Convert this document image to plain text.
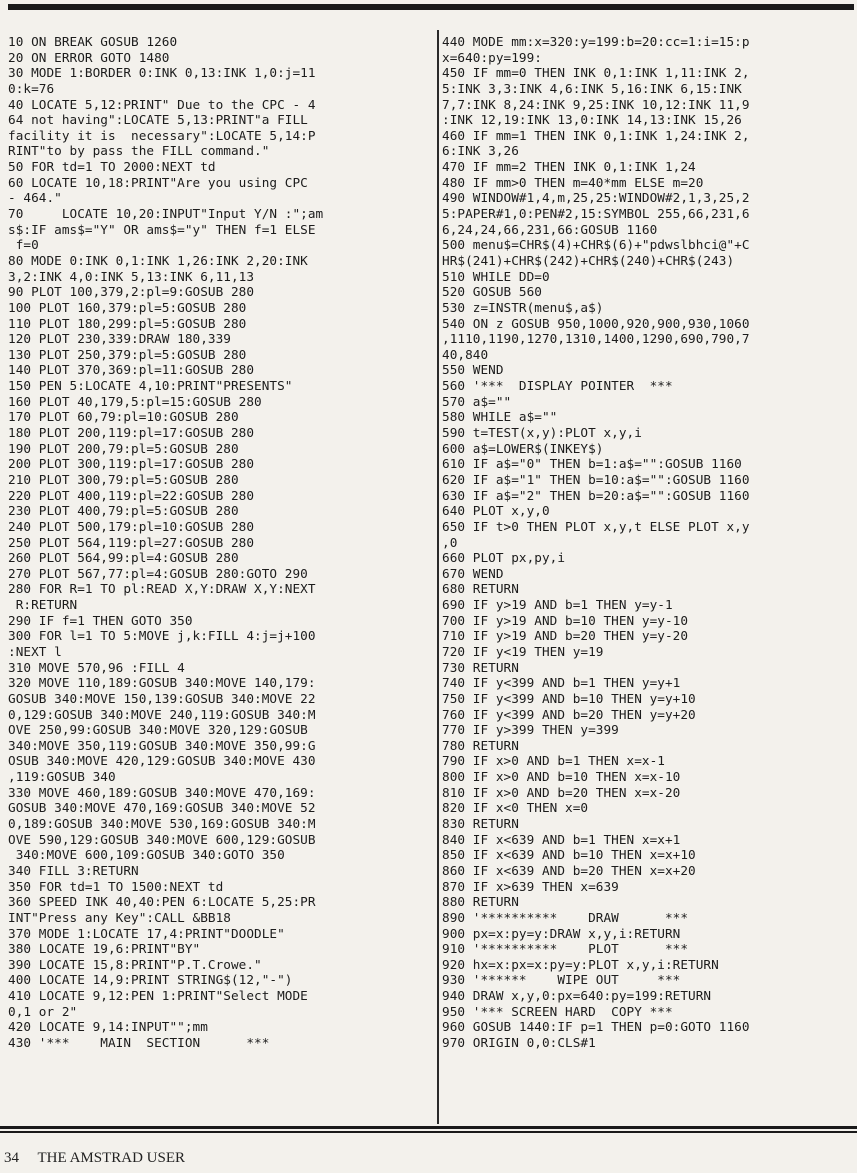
10 ON BREAK GOSUB 1260
20 ON ERROR GOTO 1480
30 MODE 1:BORDER 0:INK 0,13:INK 1,0:j=11
0:k=76
40 LOCATE 5,12:PRINT" Due to the CPC - 4
64 not having":LOCATE 5,13:PRINT"a FILL
facility it is  necessary":LOCATE 5,14:P
RINT"to by pass the FILL command."
50 FOR td=1 TO 2000:NEXT td
60 LOCATE 10,18:PRINT"Are you using CPC
- 464."
70     LOCATE 10,20:INPUT"Input Y/N :";am
s$:IF ams$="Y" OR ams$="y" THEN f=1 ELSE
f=0
80 MODE 0:INK 0,1:INK 1,26:INK 2,20:INK
3,2:INK 4,0:INK 5,13:INK 6,11,13
90 PLOT 100,379,2:pl=9:GOSUB 280
100 PLOT 160,379:pl=5:GOSUB 280
110 PLOT 180,299:pl=5:GOSUB 280
120 PLOT 230,339:DRAW 180,339
130 PLOT 250,379:pl=5:GOSUB 280
140 PLOT 370,369:pl=11:GOSUB 280
150 PEN 5:LOCATE 4,10:PRINT"PRESENTS"
160 PLOT 40,179,5:pl=15:GOSUB 280
170 PLOT 60,79:pl=10:GOSUB 280
180 PLOT 200,119:pl=17:GOSUB 280
190 PLOT 200,79:pl=5:GOSUB 280
200 PLOT 300,119:pl=17:GOSUB 280
210 PLOT 300,79:pl=5:GOSUB 280
220 PLOT 400,119:pl=22:GOSUB 280
230 PLOT 400,79:pl=5:GOSUB 280
240 PLOT 500,179:pl=10:GOSUB 280
250 PLOT 564,119:pl=27:GOSUB 280
260 PLOT 564,99:pl=4:GOSUB 280
270 PLOT 567,77:pl=4:GOSUB 280:GOTO 290
280 FOR R=1 TO pl:READ X,Y:DRAW X,Y:NEXT
R:RETURN
290 IF f=1 THEN GOTO 350
300 FOR l=1 TO 5:MOVE j,k:FILL 4:j=j+100
:NEXT l
310 MOVE 570,96 :FILL 4
320 MOVE 110,189:GOSUB 340:MOVE 140,179:
GOSUB 340:MOVE 150,139:GOSUB 340:MOVE 22
0,129:GOSUB 340:MOVE 240,119:GOSUB 340:M
OVE 250,99:GOSUB 340:MOVE 320,129:GOSUB
340:MOVE 350,119:GOSUB 340:MOVE 350,99:G
OSUB 340:MOVE 420,129:GOSUB 340:MOVE 430
,119:GOSUB 340
330 MOVE 460,189:GOSUB 340:MOVE 470,169:
GOSUB 340:MOVE 470,169:GOSUB 340:MOVE 52
0,189:GOSUB 340:MOVE 530,169:GOSUB 340:M
OVE 590,129:GOSUB 340:MOVE 600,129:GOSUB
340:MOVE 600,109:GOSUB 340:GOTO 350
340 FILL 3:RETURN
350 FOR td=1 TO 1500:NEXT td
360 SPEED INK 40,40:PEN 6:LOCATE 5,25:PR
INT"Press any Key":CALL &BB18
370 MODE 1:LOCATE 17,4:PRINT"DOODLE"
380 LOCATE 19,6:PRINT"BY"
390 LOCATE 15,8:PRINT"P.T.Crowe."
400 LOCATE 14,9:PRINT STRING$(12,"-")
410 LOCATE 9,12:PEN 1:PRINT"Select MODE
0,1 or 2"
420 LOCATE 9,14:INPUT"";mm
430 '***    MAIN  SECTION      ***
440 MODE mm:x=320:y=199:b=20:cc=1:i=15:p
x=640:py=199:
450 IF mm=0 THEN INK 0,1:INK 1,11:INK 2,
5:INK 3,3:INK 4,6:INK 5,16:INK 6,15:INK
7,7:INK 8,24:INK 9,25:INK 10,12:INK 11,9
:INK 12,19:INK 13,0:INK 14,13:INK 15,26
460 IF mm=1 THEN INK 0,1:INK 1,24:INK 2,
6:INK 3,26
470 IF mm=2 THEN INK 0,1:INK 1,24
480 IF mm>0 THEN m=40*mm ELSE m=20
490 WINDOW#1,4,m,25,25:WINDOW#2,1,3,25,2
5:PAPER#1,0:PEN#2,15:SYMBOL 255,66,231,6
6,24,24,66,231,66:GOSUB 1160
500 menu$=CHR$(4)+CHR$(6)+"pdwslbhci@"+C
HR$(241)+CHR$(242)+CHR$(240)+CHR$(243)
510 WHILE DD=0
520 GOSUB 560
530 z=INSTR(menu$,a$)
540 ON z GOSUB 950,1000,920,900,930,1060
,1110,1190,1270,1310,1400,1290,690,790,7
40,840
550 WEND
560 '***  DISPLAY POINTER  ***
570 a$=""
580 WHILE a$=""
590 t=TEST(x,y):PLOT x,y,i
600 a$=LOWER$(INKEY$)
610 IF a$="0" THEN b=1:a$="":GOSUB 1160
620 IF a$="1" THEN b=10:a$="":GOSUB 1160
630 IF a$="2" THEN b=20:a$="":GOSUB 1160
640 PLOT x,y,0
650 IF t>0 THEN PLOT x,y,t ELSE PLOT x,y
,0
660 PLOT px,py,i
670 WEND
680 RETURN
690 IF y>19 AND b=1 THEN y=y-1
700 IF y>19 AND b=10 THEN y=y-10
710 IF y>19 AND b=20 THEN y=y-20
720 IF y<19 THEN y=19
730 RETURN
740 IF y<399 AND b=1 THEN y=y+1
750 IF y<399 AND b=10 THEN y=y+10
760 IF y<399 AND b=20 THEN y=y+20
770 IF y>399 THEN y=399
780 RETURN
790 IF x>0 AND b=1 THEN x=x-1
800 IF x>0 AND b=10 THEN x=x-10
810 IF x>0 AND b=20 THEN x=x-20
820 IF x<0 THEN x=0
830 RETURN
840 IF x<639 AND b=1 THEN x=x+1
850 IF x<639 AND b=10 THEN x=x+10
860 IF x<639 AND b=20 THEN x=x+20
870 IF x>639 THEN x=639
880 RETURN
890 '**********    DRAW      ***
900 px=x:py=y:DRAW x,y,i:RETURN
910 '**********    PLOT      ***
920 hx=x:px=x:py=y:PLOT x,y,i:RETURN
930 '******    WIPE OUT     ***
940 DRAW x,y,0:px=640:py=199:RETURN
950 '*** SCREEN HARD  COPY ***
960 GOSUB 1440:IF p=1 THEN p=0:GOTO 1160
970 ORIGIN 0,0:CLS#1
34 THE AMSTRAD USER
